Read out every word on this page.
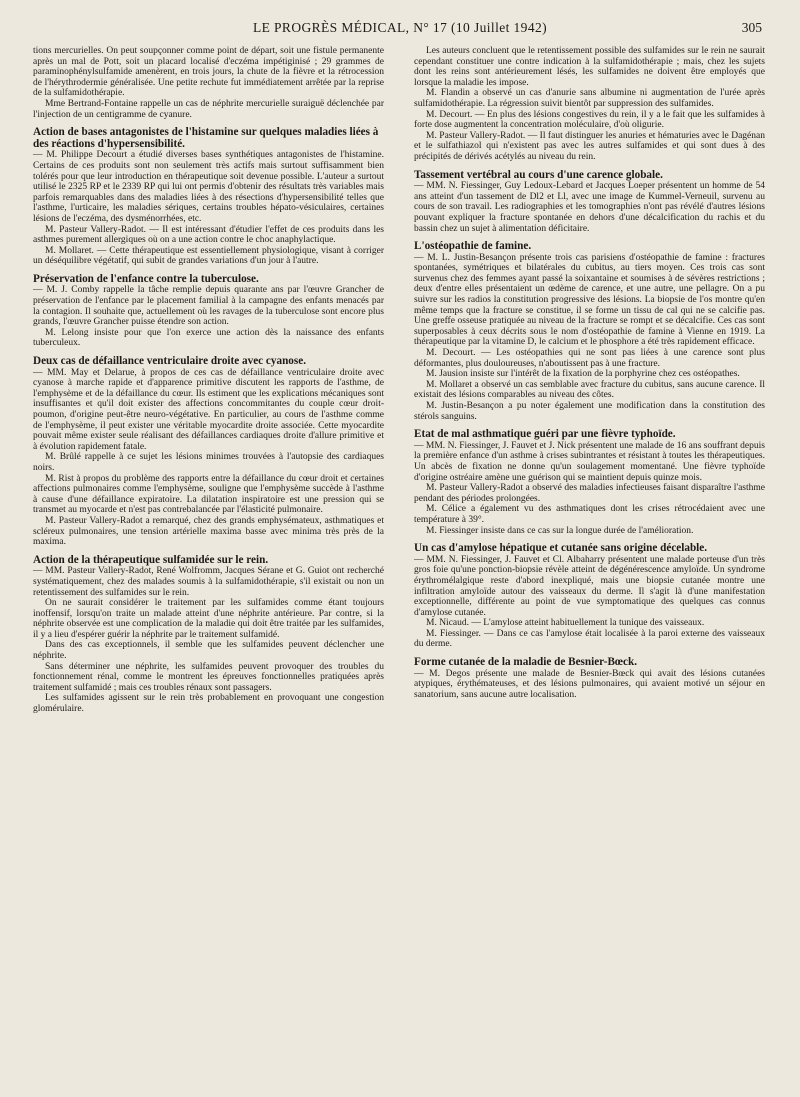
LE PROGRÈS MÉDICAL, N° 17 (10 Juillet 1942)	305

tions mercurielles. On peut soupçonner comme point de départ, soit une fistule permanente après un mal de Pott, soit un placard localisé d'eczéma impétiginisé ; 29 grammes de paraminophénylsulfamide amenèrent, en trois jours, la chute de la fièvre et la rétrocession de l'hérythrodermie généralisée. Une petite rechute fut immédiatement arrêtée par la reprise de la sulfamidothérapie.

Mme Bertrand-Fontaine rappelle un cas de néphrite mercurielle suraiguë déclenchée par l'injection de un centigramme de cyanure.

Action de bases antagonistes de l'histamine sur quelques maladies liées à des réactions d'hypersensibilité.

— M. Philippe Decourt a étudié diverses bases synthétiques antagonistes de l'histamine. Certains de ces produits sont non seulement très actifs mais surtout suffisamment bien tolérés pour que leur introduction en thérapeutique soit devenue possible. L'auteur a surtout utilisé le 2325 RP et le 2339 RP qui lui ont permis d'obtenir des résultats très variables mais parfois remarquables dans des maladies liées à des résections d'hypersensibilité telles que l'asthme, l'urticaire, les maladies sériques, certains troubles hépato-vésiculaires, certaines lésions de l'eczéma, des dysménorrhées, etc.

M. Pasteur Vallery-Radot. — Il est intéressant d'étudier l'effet de ces produits dans les asthmes purement allergiques où on a une action contre le choc anaphylactique.

M. Mollaret. — Cette thérapeutique est essentiellement physiologique, visant à corriger un déséquilibre végétatif, qui subit de grandes variations d'un jour à l'autre.

Préservation de l'enfance contre la tuberculose.

— M. J. Comby rappelle la tâche remplie depuis quarante ans par l'œuvre Grancher de préservation de l'enfance par le placement familial à la campagne des enfants menacés par la contagion. Il souhaite que, actuellement où les ravages de la tuberculose sont encore plus grands, l'œuvre Grancher puisse étendre son action.

M. Lelong insiste pour que l'on exerce une action dès la naissance des enfants tuberculeux.

Deux cas de défaillance ventriculaire droite avec cyanose.

— MM. May et Delarue, à propos de ces cas de défaillance ventriculaire droite avec cyanose à marche rapide et d'apparence primitive discutent les rapports de l'asthme, de l'emphysème et de la défaillance du cœur. Ils estiment que les explications mécaniques sont insuffisantes et qu'il doit exister des affections concommitantes du couple cœur droit-poumon, d'origine peut-être neuro-végétative. En particulier, au cours de l'asthme comme de l'emphysème, il peut exister une véritable myocardite droite associée. Cette myocardite pouvait même exister seule réalisant des défaillances cardiaques droite d'allure primitive et à évolution rapidement fatale.

M. Brûlé rappelle à ce sujet les lésions minimes trouvées à l'autopsie des cardiaques noirs.

M. Rist à propos du problème des rapports entre la défaillance du cœur droit et certaines affections pulmonaires comme l'emphysème, souligne que l'emphysème succède à l'asthme à cause d'une défaillance expiratoire. La dilatation inspiratoire est une pression qui se transmet au myocarde et n'est pas contrebalancée par l'élasticité pulmonaire.

M. Pasteur Vallery-Radot a remarqué, chez des grands emphysémateux, asthmatiques et scléreux pulmonaires, une tension artérielle maxima basse avec minima très près de la maxima.

Action de la thérapeutique sulfamidée sur le rein.

— MM. Pasteur Vallery-Radot, René Wolfromm, Jacques Sérane et G. Guiot ont recherché systématiquement, chez des malades soumis à la sulfamidothérapie, s'il existait ou non un retentissement des sulfamides sur le rein.

On ne saurait considérer le traitement par les sulfamides comme étant toujours inoffensif, lorsqu'on traite un malade atteint d'une néphrite antérieure. Par contre, si la néphrite observée est une complication de la maladie qui doit être traitée par les sulfamides, il y a lieu d'espérer guérir la néphrite par le traitement sulfamidé.

Dans des cas exceptionnels, il semble que les sulfamides peuvent déclencher une néphrite.

Sans déterminer une néphrite, les sulfamides peuvent provoquer des troubles du fonctionnement rénal, comme le montrent les épreuves fonctionnelles pratiquées après traitement sulfamidé ; mais ces troubles rénaux sont passagers.

Les sulfamides agissent sur le rein très probablement en provoquant une congestion glomérulaire.

Les auteurs concluent que le retentissement possible des sulfamides sur le rein ne saurait cependant constituer une contre indication à la sulfamidothérapie ; mais, chez les sujets dont les reins sont antérieurement lésés, les sulfamides ne doivent être employés que lorsque la maladie les impose.

M. Flandin a observé un cas d'anurie sans albumine ni augmentation de l'urée après sulfamidothérapie. La régression suivit bientôt par suppression des sulfamides.

M. Decourt. — En plus des lésions congestives du rein, il y a le fait que les sulfamides à forte dose augmentent la concentration moléculaire, d'où oligurie.

M. Pasteur Vallery-Radot. — Il faut distinguer les anuries et hématuries avec le Dagénan et le sulfathiazol qui n'existent pas avec les autres sulfamides et qui sont dues à des précipités de dérivés acétylés au niveau du rein.

Tassement vertébral au cours d'une carence globale.

— MM. N. Fiessinger, Guy Ledoux-Lebard et Jacques Loeper présentent un homme de 54 ans atteint d'un tassement de Dl2 et Ll, avec une image de Kummel-Verneuil, survenu au cours de son travail. Les radiographies et les tomographies n'ont pas révélé d'autres lésions pouvant expliquer la fracture spontanée en dehors d'une décalcification du rachis et du bassin chez un sujet à alimentation déficitaire.

L'ostéopathie de famine.

— M. L. Justin-Besançon présente trois cas parisiens d'ostéopathie de famine : fractures spontanées, symétriques et bilatérales du cubitus, au tiers moyen. Ces trois cas sont survenus chez des femmes ayant passé la soixantaine et soumises à de sévères restrictions ; deux d'entre elles présentaient un œdème de carence, et une autre, une pellagre. On a pu suivre sur les radios la constitution progressive des lésions. La biopsie de l'os montre qu'en même temps que la fracture se constitue, il se forme un tissu de cal qui ne se calcifie pas. Une greffe osseuse pratiquée au niveau de la fracture se rompt et se décalcifie. Ces cas sont superposables à ceux décrits sous le nom d'ostéopathie de famine à Vienne en 1919. La thérapeutique par la vitamine D, le calcium et le phosphore a été très rapidement efficace.

M. Decourt. — Les ostéopathies qui ne sont pas liées à une carence sont plus déformantes, plus douloureuses, n'aboutissent pas à une fracture.

M. Jausion insiste sur l'intérêt de la fixation de la porphyrine chez ces ostéopathes.

M. Mollaret a observé un cas semblable avec fracture du cubitus, sans aucune carence. Il existait des lésions comparables au niveau des côtes.

M. Justin-Besançon a pu noter également une modification dans la constitution des stérols sanguins.

Etat de mal asthmatique guéri par une fièvre typhoïde.

— MM. N. Fiessinger, J. Fauvet et J. Nick présentent une malade de 16 ans souffrant depuis la première enfance d'un asthme à crises subintrantes et résistant à toutes les thérapeutiques. Un abcès de fixation ne donne qu'un soulagement momentané. Une fièvre typhoïde d'origine ostréaire amène une guérison qui se maintient depuis quinze mois.

M. Pasteur Vallery-Radot a observé des maladies infectieuses faisant disparaître l'asthme pendant des périodes prolongées.

M. Célice a également vu des asthmatiques dont les crises rétrocédaient avec une température à 39°.

M. Fiessinger insiste dans ce cas sur la longue durée de l'amélioration.

Un cas d'amylose hépatique et cutanée sans origine décelable.

— MM. N. Fiessinger, J. Fauvet et Cl. Albaharry présentent une malade porteuse d'un très gros foie qu'une ponction-biopsie révèle atteint de dégénérescence amyloïde. Un syndrome érythromélalgique reste d'abord inexpliqué, mais une biopsie cutanée montre une infiltration amyloïde autour des vaisseaux du derme. Il s'agit là d'une manifestation exceptionnelle, différente au point de vue symptomatique des quelques cas connus d'amylose cutanée.

M. Nicaud. — L'amylose atteint habituellement la tunique des vaisseaux.

M. Fiessinger. — Dans ce cas l'amylose était localisée à la paroi externe des vaisseaux du derme.

Forme cutanée de la maladie de Besnier-Bœck.

— M. Degos présente une malade de Besnier-Bœck qui avait des lésions cutanées atypiques, érythémateuses, et des lésions pulmonaires, qui avaient motivé un séjour en sanatorium, sans aucune autre localisation.
